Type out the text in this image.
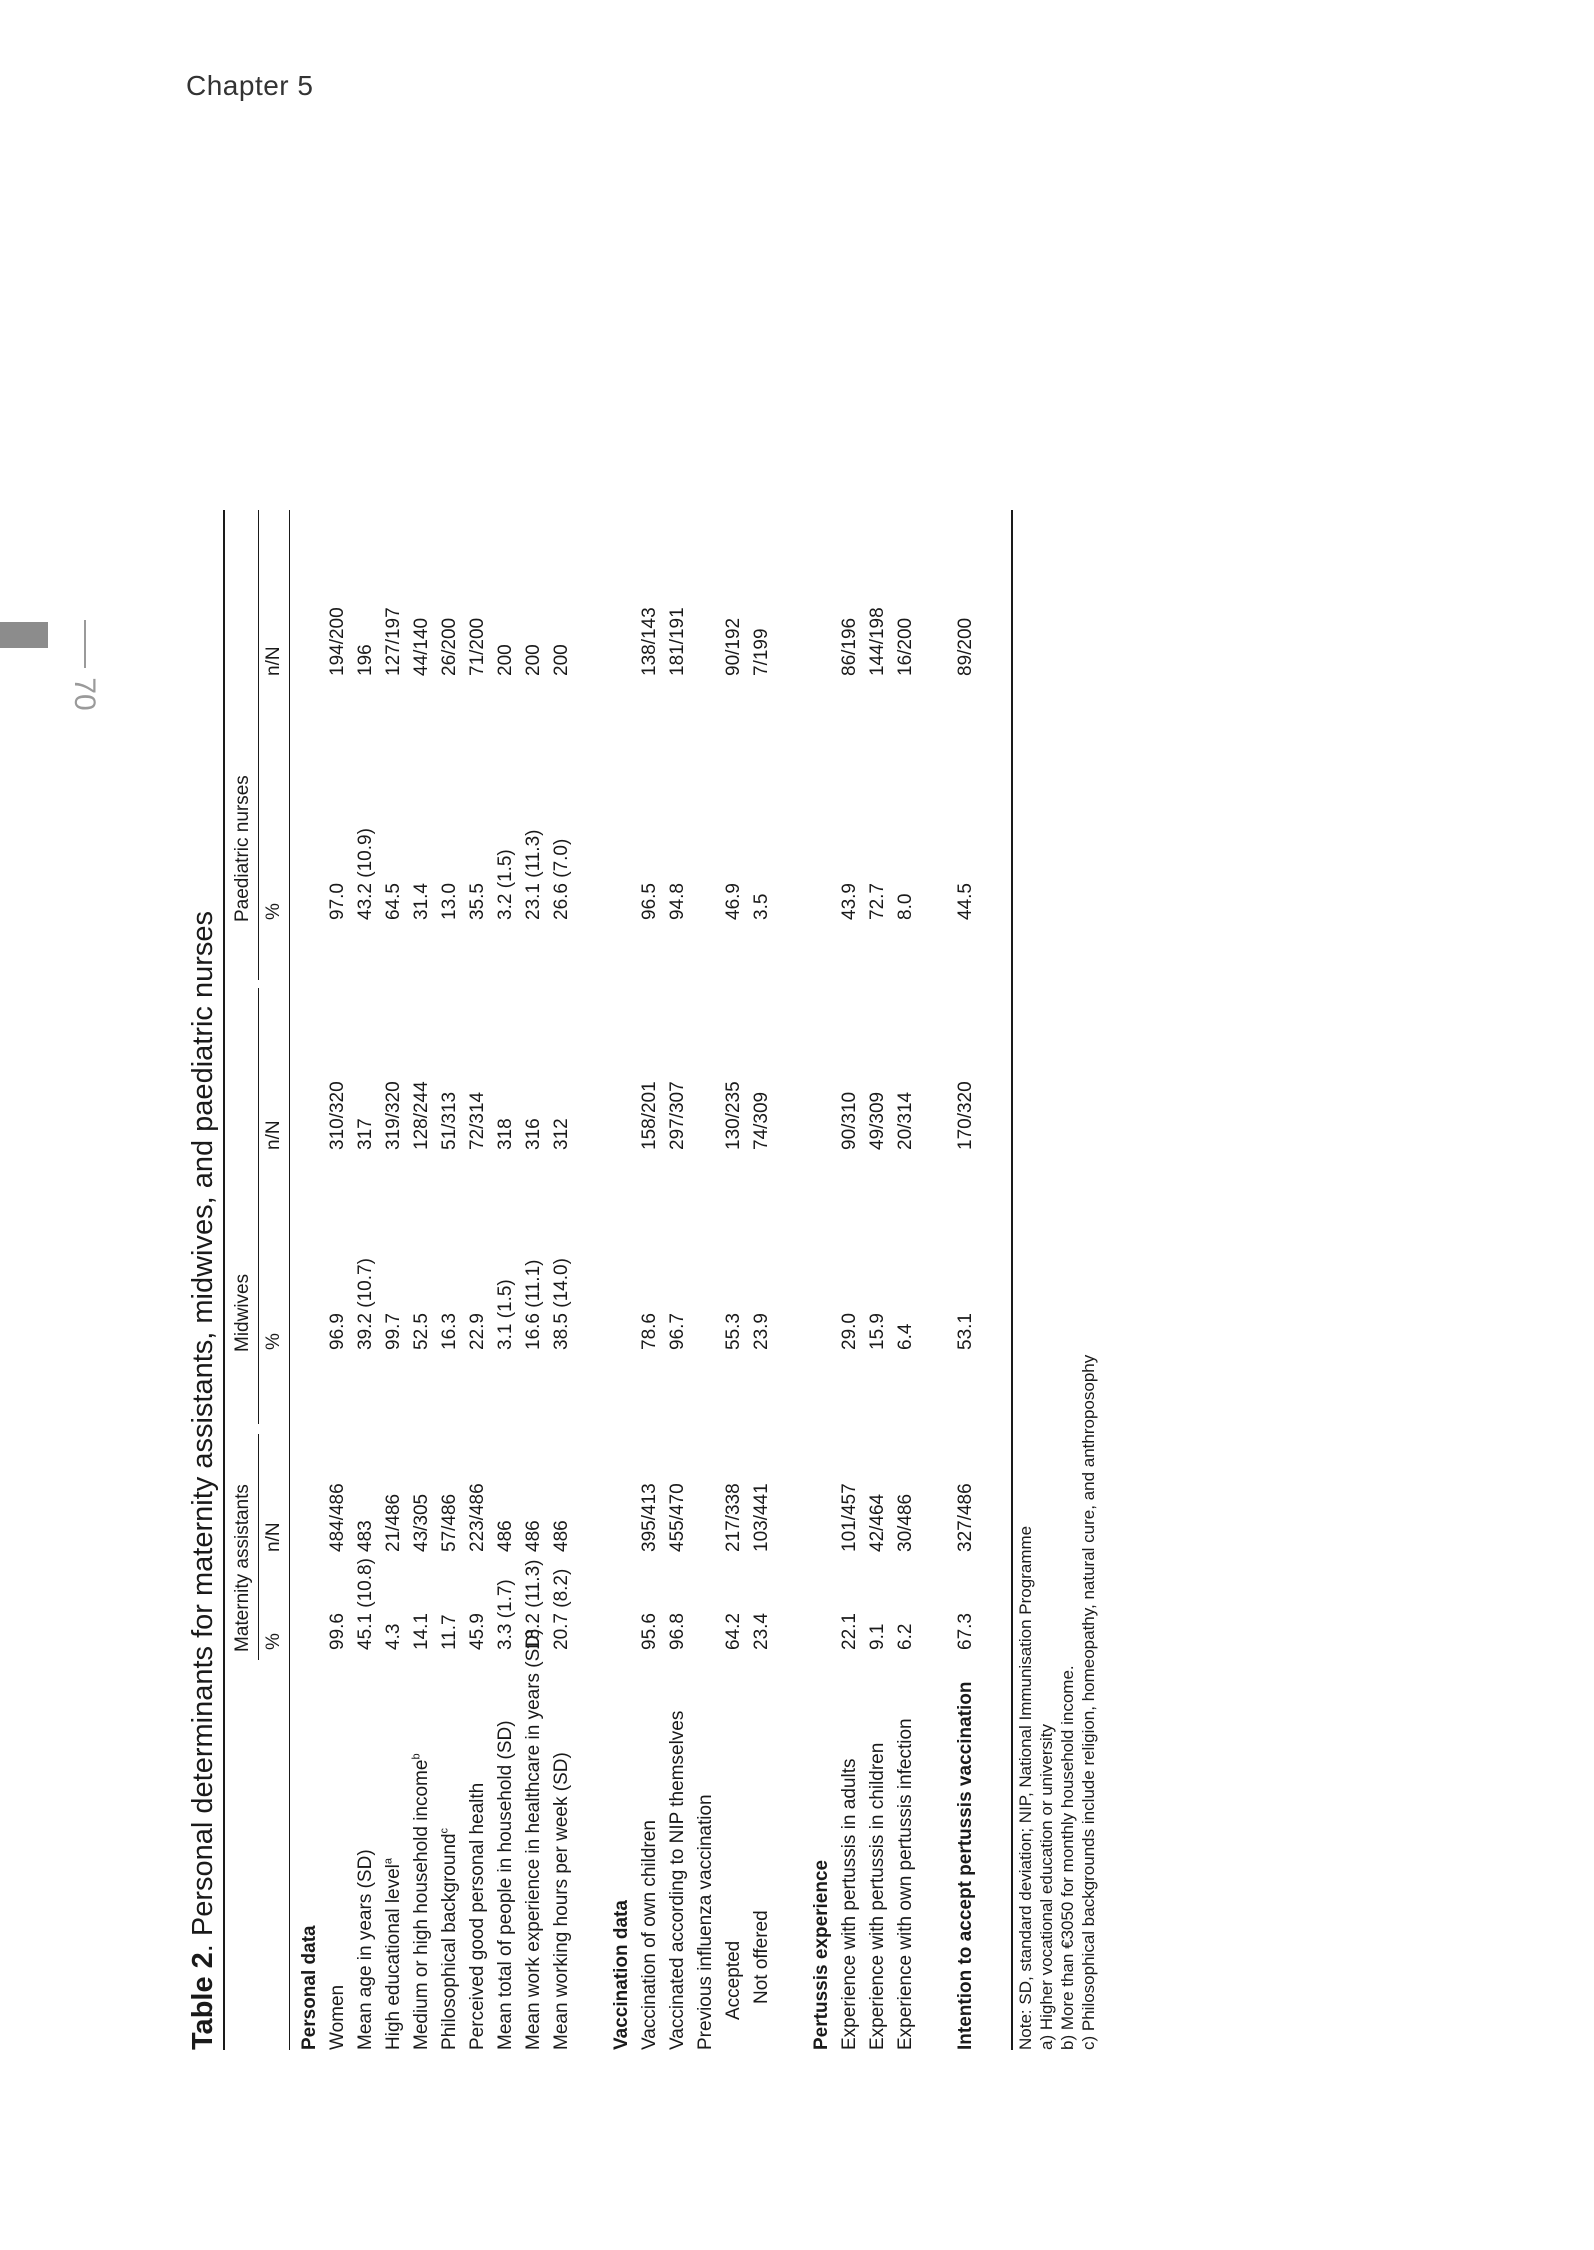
Chapter 5
70
Table 2. Personal determinants for maternity assistants, midwives, and paediatric nurses Maternity assistants
Midwives
Paediatric nurses
%
n/N
%
n/N
%
n/N
Personal data Women
99.6
484/486
96.9
310/320
97.0
194/200
Mean age in years (SD)
45.1 (10.8)
483
39.2 (10.7)
317
43.2 (10.9)
196
High educational level$^a$
4.3
21/486
99.7
319/320
64.5
127/197
Medium or high household income$^b$
14.1
43/305
52.5
128/244
31.4
44/140
Philosophical background$^c$
11.7
57/486
16.3
51/313
13.0
26/200
Perceived good personal health
45.9
223/486
22.9
72/314
35.5
71/200
Mean total of people in household (SD)
3.3 (1.7)
486
3.1 (1.5)
318
3.2 (1.5)
200
Mean work experience in healthcare in years (SD)
18.2 (11.3)
486
16.6 (11.1)
316
23.1 (11.3)
200
Mean working hours per week (SD)
20.7 (8.2)
486
38.5 (14.0)
312
26.6 (7.0)
200
Vaccination data Vaccination of own children
95.6
395/413
78.6
158/201
96.5
138/143
Vaccinated according to NIP themselves
96.8
455/470
96.7
297/307
94.8
181/191
Previous influenza vaccination Accepted
64.2
217/338
55.3
130/235
46.9
90/192
Not offered
23.4
103/441
23.9
74/309
3.5
7/199
Pertussis experience Experience with pertussis in adults
22.1
101/457
29.0
90/310
43.9
86/196
Experience with pertussis in children
9.1
42/464
15.9
49/309
72.7
144/198
Experience with own pertussis infection
6.2
30/486
6.4
20/314
8.0
16/200
Intention to accept pertussis vaccination
67.3
327/486
53.1
170/320
44.5
89/200
Note: SD, standard deviation; NIP, National Immunisation Programme a) Higher vocational education or university b) More than €3050 for monthly household income. c) Philosophical backgrounds include religion, homeopathy, natural cure, and anthroposophy
